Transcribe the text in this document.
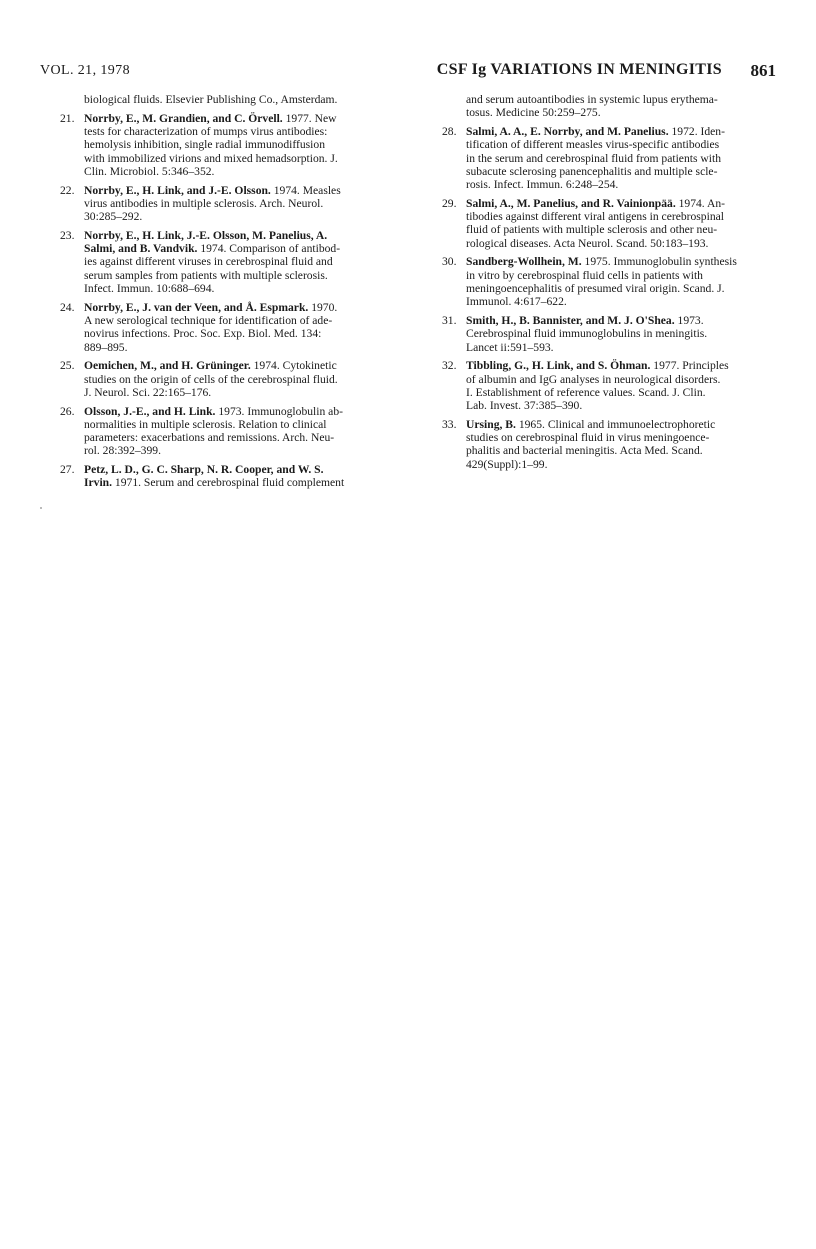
VOL. 21, 1978	CSF Ig VARIATIONS IN MENINGITIS 861
biological fluids. Elsevier Publishing Co., Amsterdam.
21. Norrby, E., M. Grandien, and C. Örvell. 1977. New
tests for characterization of mumps virus antibodies:
hemolysis inhibition, single radial immunodiffusion
with immobilized virions and mixed hemadsorption. J.
Clin. Microbiol. 5:346–352.
22. Norrby, E., H. Link, and J.-E. Olsson. 1974. Measles
virus antibodies in multiple sclerosis. Arch. Neurol.
30:285–292.
23. Norrby, E., H. Link, J.-E. Olsson, M. Panelius, A.
Salmi, and B. Vandvik. 1974. Comparison of antibod-
ies against different viruses in cerebrospinal fluid and
serum samples from patients with multiple sclerosis.
Infect. Immun. 10:688–694.
24. Norrby, E., J. van der Veen, and Å. Espmark. 1970.
A new serological technique for identification of ade-
novirus infections. Proc. Soc. Exp. Biol. Med. 134:
889–895.
25. Oemichen, M., and H. Grüninger. 1974. Cytokinetic
studies on the origin of cells of the cerebrospinal fluid.
J. Neurol. Sci. 22:165–176.
26. Olsson, J.-E., and H. Link. 1973. Immunoglobulin ab-
normalities in multiple sclerosis. Relation to clinical
parameters: exacerbations and remissions. Arch. Neu-
rol. 28:392–399.
27. Petz, L. D., G. C. Sharp, N. R. Cooper, and W. S.
Irvin. 1971. Serum and cerebrospinal fluid complement
and serum autoantibodies in systemic lupus erythema-
tosus. Medicine 50:259–275.
28. Salmi, A. A., E. Norrby, and M. Panelius. 1972. Iden-
tification of different measles virus-specific antibodies
in the serum and cerebrospinal fluid from patients with
subacute sclerosing panencephalitis and multiple scle-
rosis. Infect. Immun. 6:248–254.
29. Salmi, A., M. Panelius, and R. Vainionpää. 1974. An-
tibodies against different viral antigens in cerebrospinal
fluid of patients with multiple sclerosis and other neu-
rological diseases. Acta Neurol. Scand. 50:183–193.
30. Sandberg-Wollhein, M. 1975. Immunoglobulin synthesis
in vitro by cerebrospinal fluid cells in patients with
meningoencephalitis of presumed viral origin. Scand. J.
Immunol. 4:617–622.
31. Smith, H., B. Bannister, and M. J. O'Shea. 1973.
Cerebrospinal fluid immunoglobulins in meningitis.
Lancet ii:591–593.
32. Tibbling, G., H. Link, and S. Öhman. 1977. Principles
of albumin and IgG analyses in neurological disorders.
I. Establishment of reference values. Scand. J. Clin.
Lab. Invest. 37:385–390.
33. Ursing, B. 1965. Clinical and immunoelectrophoretic
studies on cerebrospinal fluid in virus meningoence-
phalitis and bacterial meningitis. Acta Med. Scand.
429(Suppl):1–99.
